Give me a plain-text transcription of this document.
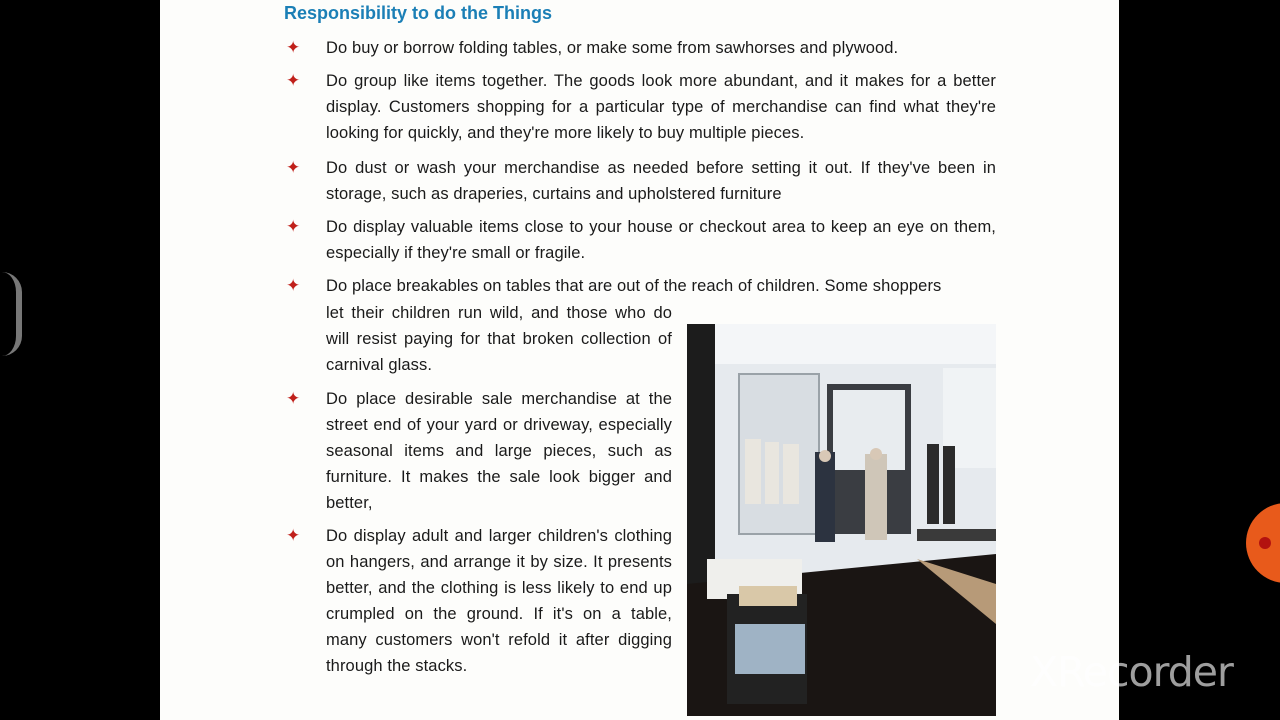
Responsibility to do the Things
✦ Do buy or borrow folding tables, or make some from sawhorses and plywood.
✦ Do group like items together. The goods look more abundant, and it makes for a better display. Customers shopping for a particular type of merchandise can find what they're looking for quickly, and they're more likely to buy multiple pieces.
✦ Do dust or wash your merchandise as needed before setting it out. If they've been in storage, such as draperies, curtains and upholstered furniture
✦ Do display valuable items close to your house or checkout area to keep an eye on them, especially if they're small or fragile.
✦ Do place breakables on tables that are out of the reach of children. Some shoppers
let their children run wild, and those who do will resist paying for that broken collection of carnival glass.
✦ Do place desirable sale merchandise at the street end of your yard or driveway, especially seasonal items and large pieces, such as furniture. It makes the sale look bigger and better,
✦ Do display adult and larger children's clothing on hangers, and arrange it by size. It presents better, and the clothing is less likely to end up crumpled on the ground. If it's on a table, many customers won't refold it after digging through the stacks.	XRecorder
